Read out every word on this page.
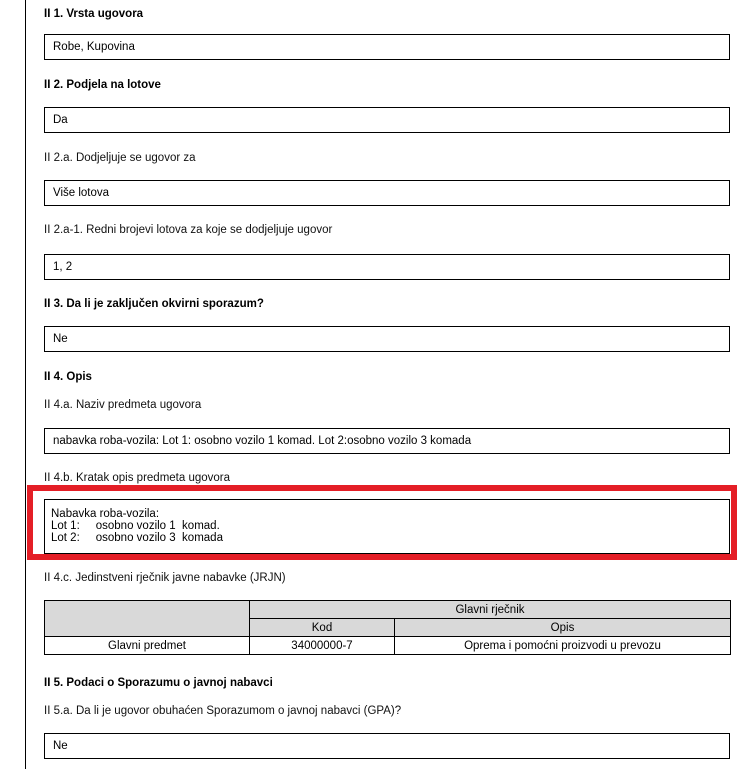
II 1. Vrsta ugovora
Robe, Kupovina
II 2. Podjela na lotove
Da
II 2.a. Dodjeljuje se ugovor za
Više lotova
II 2.a-1. Redni brojevi lotova za koje se dodjeljuje ugovor
1, 2
II 3. Da li je zaključen okvirni sporazum?
Ne
II 4. Opis
II 4.a. Naziv predmeta ugovora
nabavka roba-vozila: Lot 1: osobno vozilo 1 komad. Lot 2:osobno vozilo 3 komada
II 4.b. Kratak opis predmeta ugovora
Nabavka roba-vozila:
Lot 1:     osobno vozilo 1  komad.
Lot 2:     osobno vozilo 3  komada
II 4.c. Jedinstveni rječnik javne nabavke (JRJN)
	Glavni rječnik	
	Kod	Opis
Glavni predmet	34000000-7	Oprema i pomoćni proizvodi u prevozu
II 5. Podaci o Sporazumu o javnoj nabavci
II 5.a. Da li je ugovor obuhaćen Sporazumom o javnoj nabavci (GPA)?
Ne
